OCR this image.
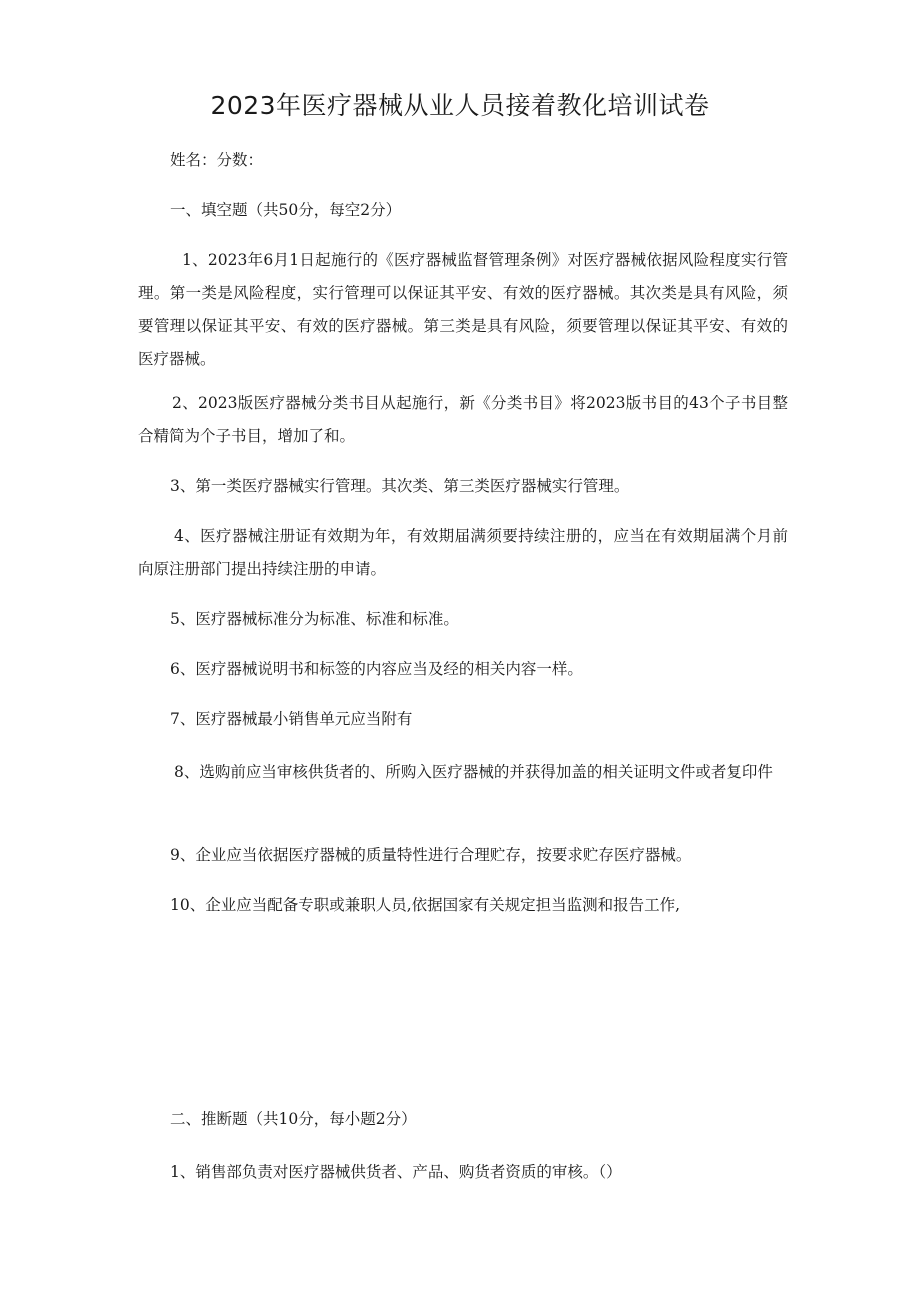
2023年医疗器械从业人员接着教化培训试卷

姓名：分数：

一、填空题（共50分，每空2分）

1、2023年6月1日起施行的《医疗器械监督管理条例》对医疗器械依据风险程度实行管理。第一类是风险程度，实行管理可以保证其平安、有效的医疗器械。其次类是具有风险，须要管理以保证其平安、有效的医疗器械。第三类是具有风险，须要管理以保证其平安、有效的医疗器械。

2、2023版医疗器械分类书目从起施行，新《分类书目》将2023版书目的43个子书目整合精简为个子书目，增加了和。

3、第一类医疗器械实行管理。其次类、第三类医疗器械实行管理。

4、医疗器械注册证有效期为年，有效期届满须要持续注册的，应当在有效期届满个月前向原注册部门提出持续注册的申请。

5、医疗器械标准分为标准、标准和标准。

6、医疗器械说明书和标签的内容应当及经的相关内容一样。

7、医疗器械最小销售单元应当附有

8、选购前应当审核供货者的、所购入医疗器械的并获得加盖的相关证明文件或者复印件

9、企业应当依据医疗器械的质量特性进行合理贮存，按要求贮存医疗器械。

10、企业应当配备专职或兼职人员,依据国家有关规定担当监测和报告工作,

二、推断题（共10分，每小题2分）

1、销售部负责对医疗器械供货者、产品、购货者资质的审核。（）
